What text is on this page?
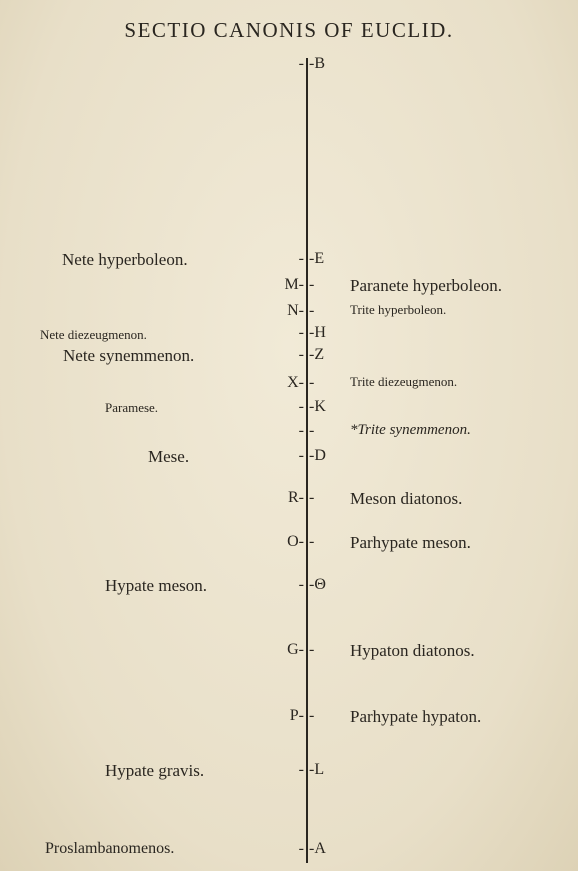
SECTIO CANONIS OF EUCLID.
- -B
Nete hyperboleon.	- -E
M- - Paranete hyperboleon.
N- -	Trite hyperboleon.
Nete diezeugmenon.	- -H
Nete synemmenon.	- -Z
X- -	Trite diezeugmenon.
Paramese.	- -K
- - *Trite synemmenon.
Mese.	- -D
R- - Meson diatonos.
O- - Parhypate meson.
Hypate meson.	- -Θ
G- - Hypaton diatonos.
P- - Parhypate hypaton.
Hypate gravis.	- -L
Proslambanomenos.	- -A
